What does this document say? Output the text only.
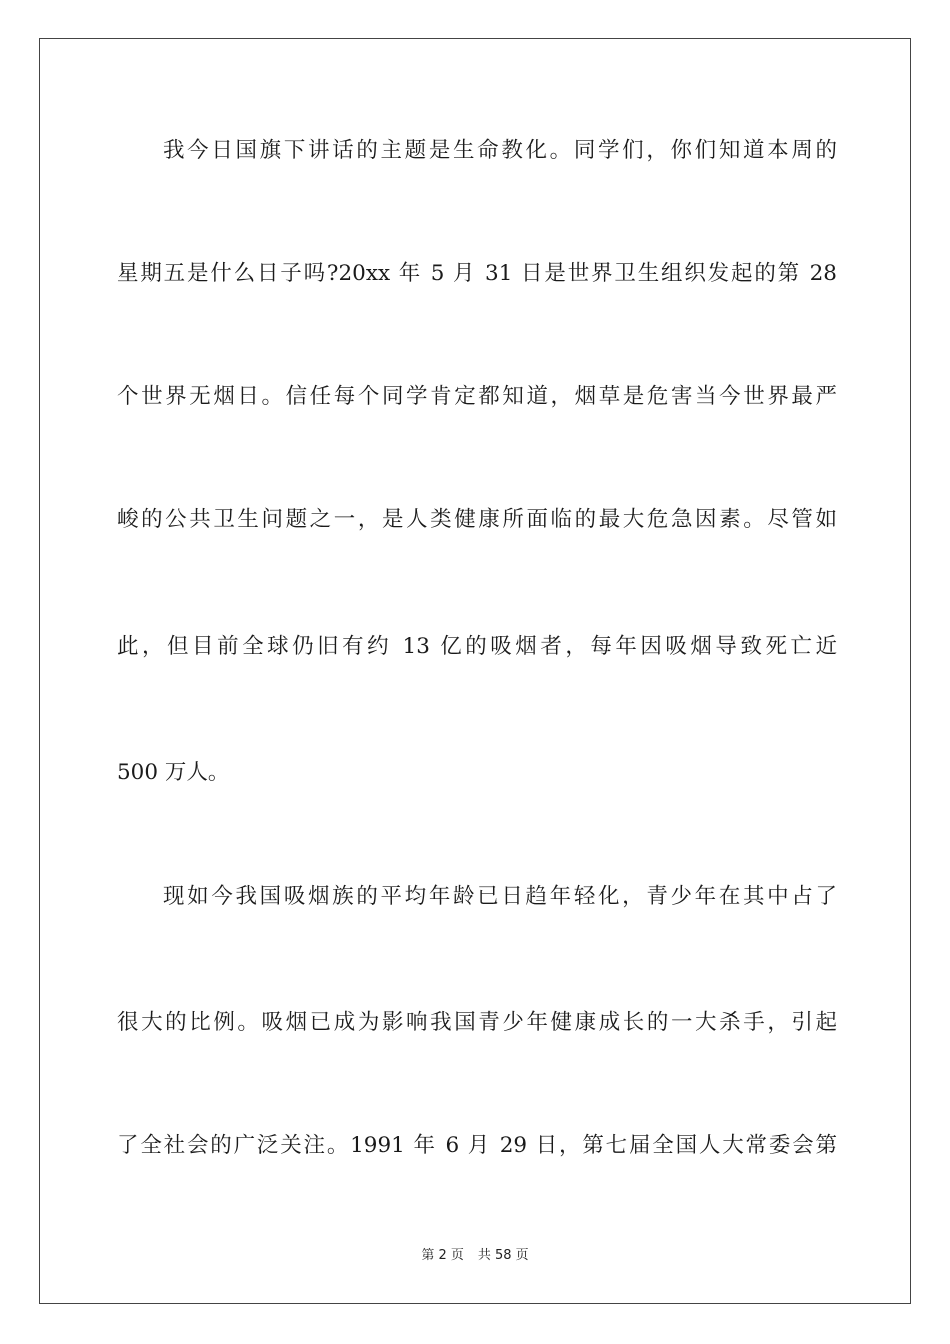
我今日国旗下讲话的主题是生命教化。同学们，你们知道本周的
星期五是什么日子吗?20xx 年 5 月 31 日是世界卫生组织发起的第 28
个世界无烟日。信任每个同学肯定都知道，烟草是危害当今世界最严
峻的公共卫生问题之一，是人类健康所面临的最大危急因素。尽管如
此，但目前全球仍旧有约 13 亿的吸烟者，每年因吸烟导致死亡近
500 万人。
现如今我国吸烟族的平均年龄已日趋年轻化，青少年在其中占了
很大的比例。吸烟已成为影响我国青少年健康成长的一大杀手，引起
了全社会的广泛关注。1991 年 6 月 29 日，第七届全国人大常委会第
第 2 页 共 58 页
